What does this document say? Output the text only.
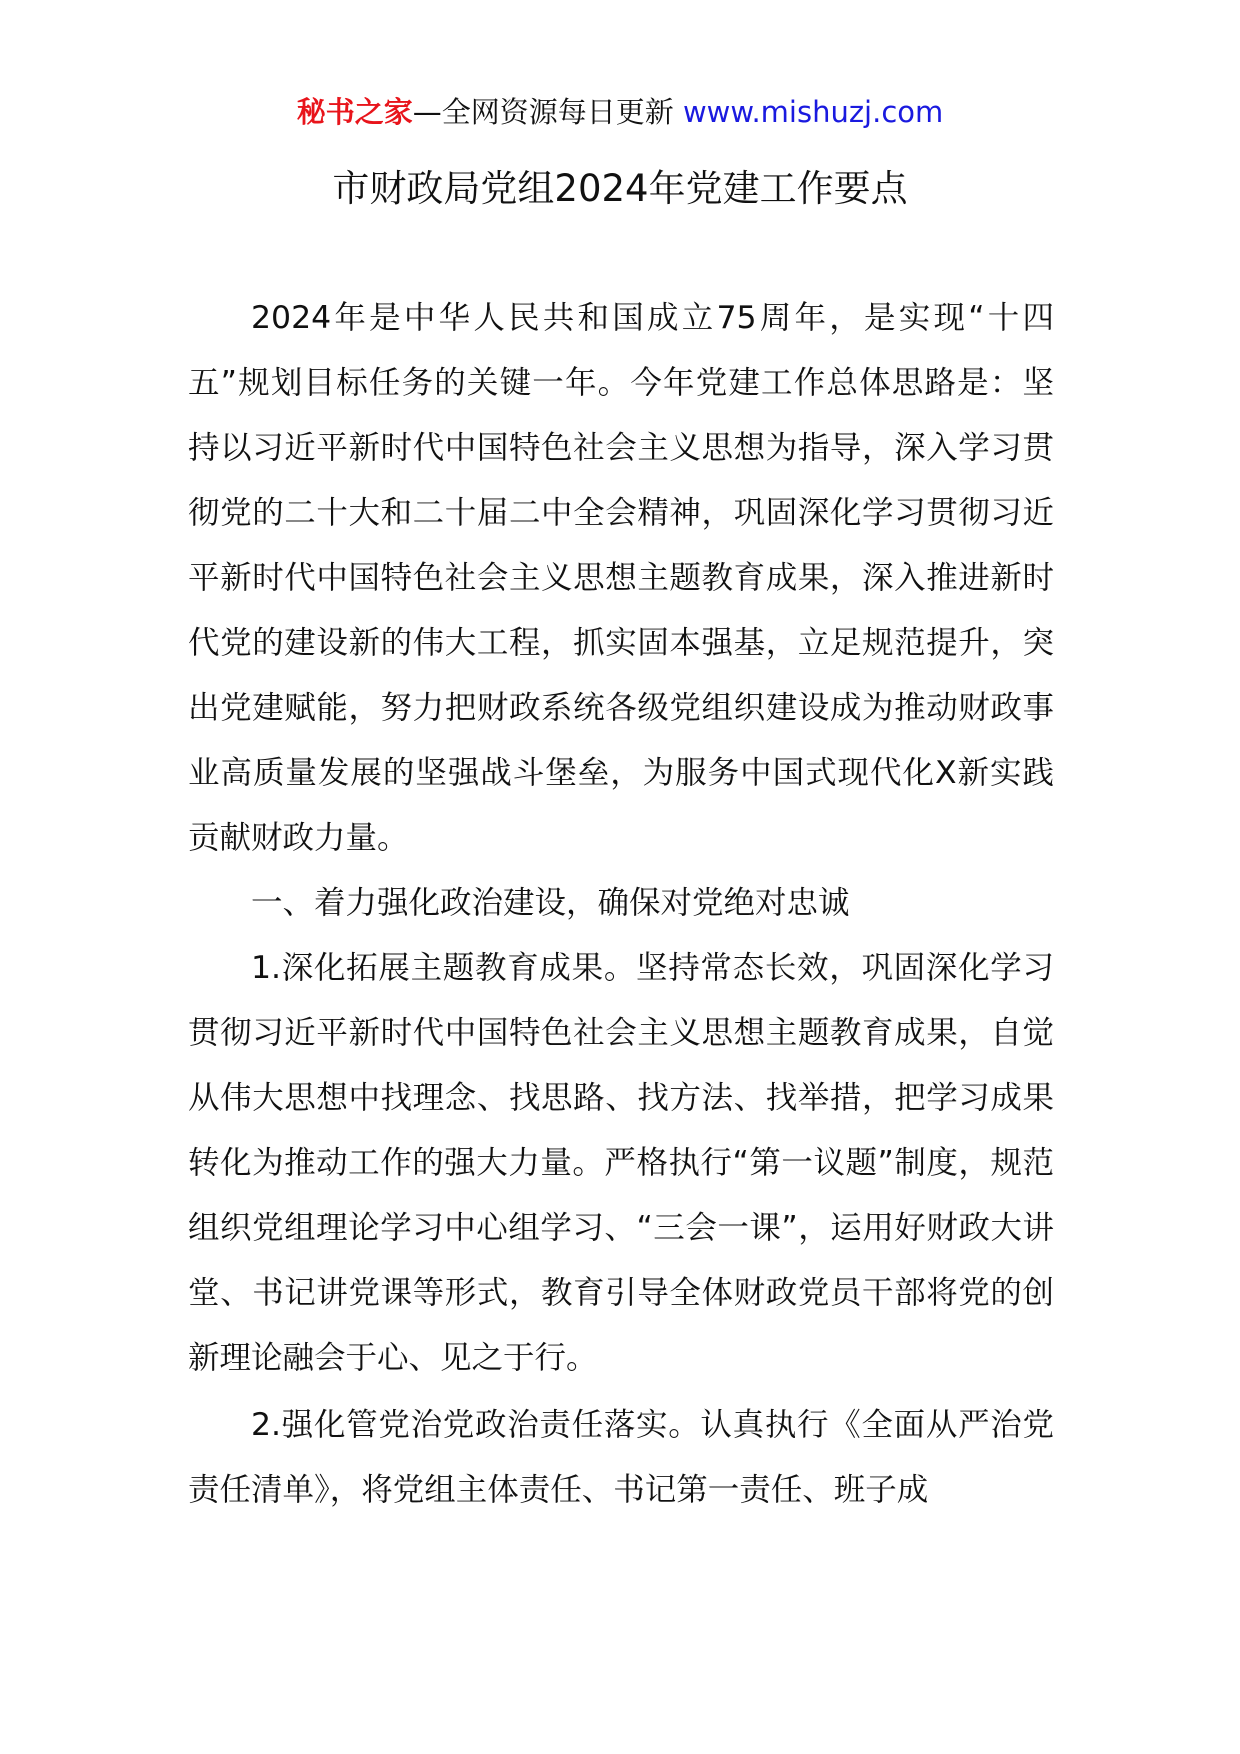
秘书之家—全网资源每日更新 www.mishuzj.com
市财政局党组2024年党建工作要点

2024年是中华人民共和国成立75周年，是实现“十四五”规划目标任务的关键一年。今年党建工作总体思路是：坚持以习近平新时代中国特色社会主义思想为指导，深入学习贯彻党的二十大和二十届二中全会精神，巩固深化学习贯彻习近平新时代中国特色社会主义思想主题教育成果，深入推进新时代党的建设新的伟大工程，抓实固本强基，立足规范提升，突出党建赋能，努力把财政系统各级党组织建设成为推动财政事业高质量发展的坚强战斗堡垒，为服务中国式现代化X新实践贡献财政力量。

一、着力强化政治建设，确保对党绝对忠诚

1.深化拓展主题教育成果。坚持常态长效，巩固深化学习贯彻习近平新时代中国特色社会主义思想主题教育成果，自觉从伟大思想中找理念、找思路、找方法、找举措，把学习成果转化为推动工作的强大力量。严格执行“第一议题”制度，规范组织党组理论学习中心组学习、“三会一课”，运用好财政大讲堂、书记讲党课等形式，教育引导全体财政党员干部将党的创新理论融会于心、见之于行。

2.强化管党治党政治责任落实。认真执行《全面从严治党责任清单》，将党组主体责任、书记第一责任、班子成
